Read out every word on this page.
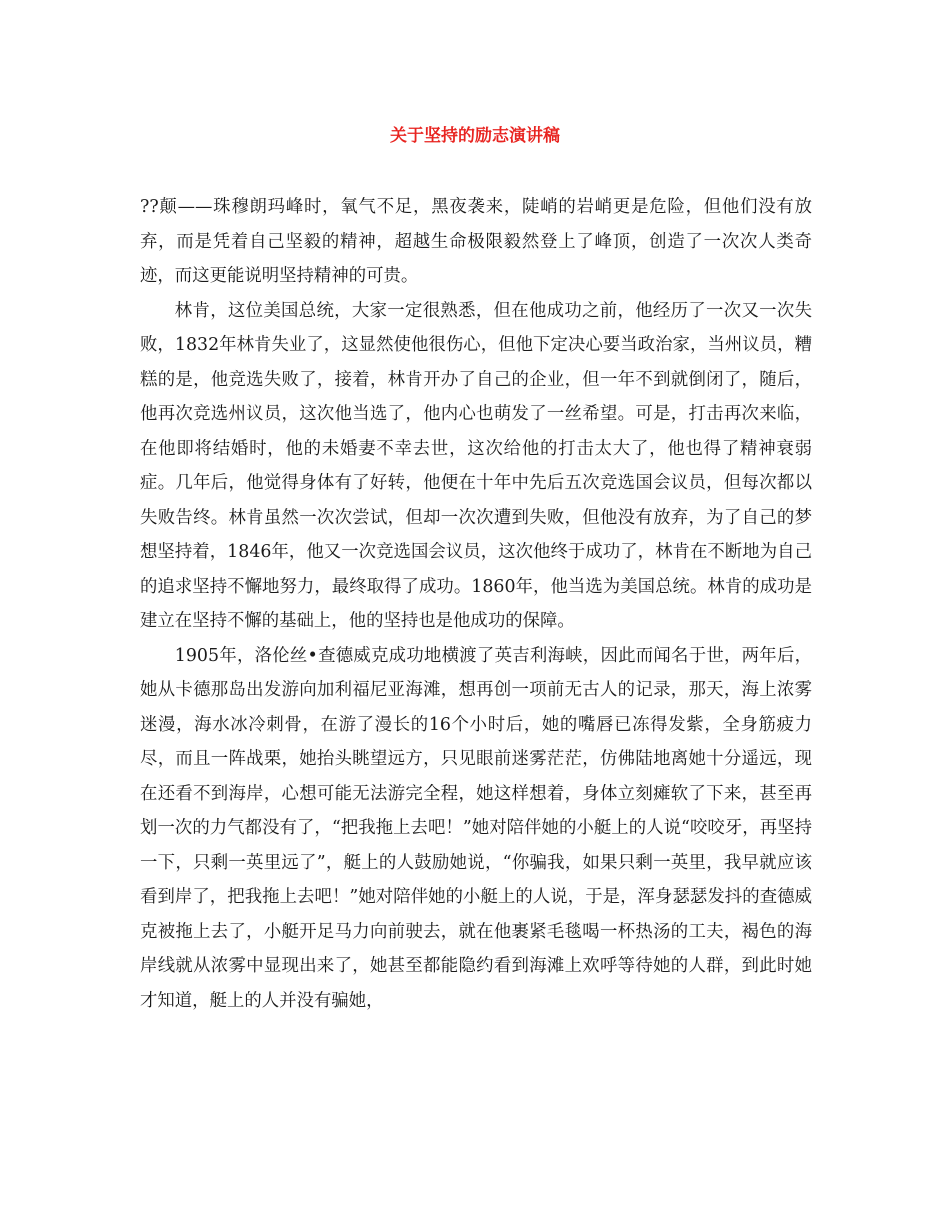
关于坚持的励志演讲稿

??颠——珠穆朗玛峰时，氧气不足，黑夜袭来，陡峭的岩峭更是危险，但他们没有放弃，而是凭着自己坚毅的精神，超越生命极限毅然登上了峰顶，创造了一次次人类奇迹，而这更能说明坚持精神的可贵。

林肯，这位美国总统，大家一定很熟悉，但在他成功之前，他经历了一次又一次失败，1832年林肯失业了，这显然使他很伤心，但他下定决心要当政治家，当州议员，糟糕的是，他竞选失败了，接着，林肯开办了自己的企业，但一年不到就倒闭了，随后，他再次竞选州议员，这次他当选了，他内心也萌发了一丝希望。可是，打击再次来临，在他即将结婚时，他的未婚妻不幸去世，这次给他的打击太大了，他也得了精神衰弱症。几年后，他觉得身体有了好转，他便在十年中先后五次竞选国会议员，但每次都以失败告终。林肯虽然一次次尝试，但却一次次遭到失败，但他没有放弃，为了自己的梦想坚持着，1846年，他又一次竞选国会议员，这次他终于成功了，林肯在不断地为自己的追求坚持不懈地努力，最终取得了成功。1860年，他当选为美国总统。林肯的成功是建立在坚持不懈的基础上，他的坚持也是他成功的保障。

1905年，洛伦丝•查德威克成功地横渡了英吉利海峡，因此而闻名于世，两年后，她从卡德那岛出发游向加利福尼亚海滩，想再创一项前无古人的记录，那天，海上浓雾迷漫，海水冰冷刺骨，在游了漫长的16个小时后，她的嘴唇已冻得发紫，全身筋疲力尽，而且一阵战栗，她抬头眺望远方，只见眼前迷雾茫茫，仿佛陆地离她十分遥远，现在还看不到海岸，心想可能无法游完全程，她这样想着，身体立刻瘫软了下来，甚至再划一次的力气都没有了，“把我拖上去吧！”她对陪伴她的小艇上的人说“咬咬牙，再坚持一下，只剩一英里远了”，艇上的人鼓励她说，“你骗我，如果只剩一英里，我早就应该看到岸了，把我拖上去吧！”她对陪伴她的小艇上的人说，于是，浑身瑟瑟发抖的查德威克被拖上去了，小艇开足马力向前驶去，就在他裹紧毛毯喝一杯热汤的工夫，褐色的海岸线就从浓雾中显现出来了，她甚至都能隐约看到海滩上欢呼等待她的人群，到此时她才知道，艇上的人并没有骗她，
